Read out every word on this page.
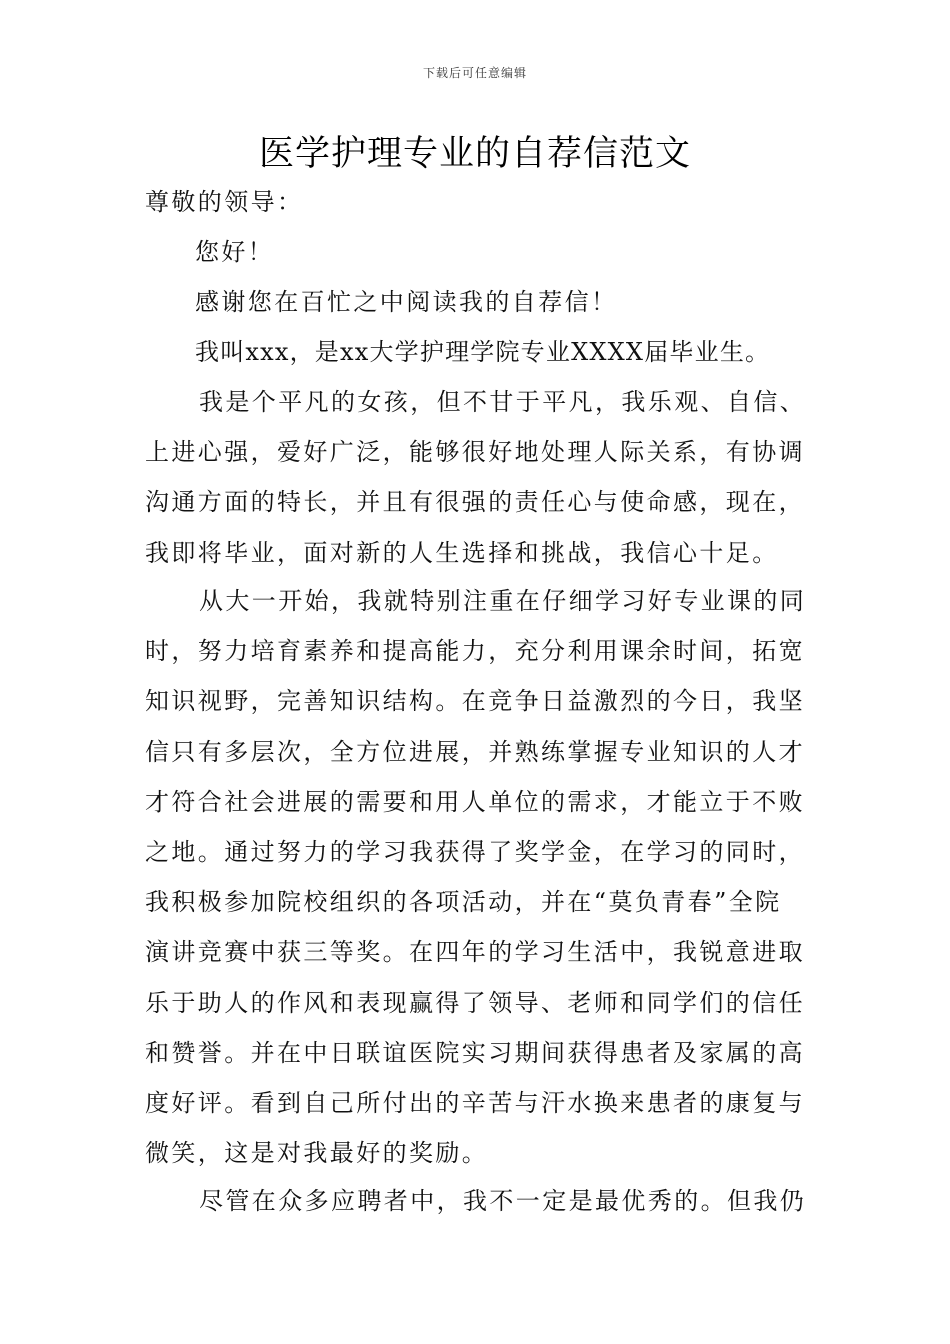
下载后可任意编辑
医学护理专业的自荐信范文
尊敬的领导：
您好！
感谢您在百忙之中阅读我的自荐信！
我叫xxx，是xx大学护理学院专业XXXX届毕业生。

我是个平凡的女孩，但不甘于平凡，我乐观、自信、

上进心强，爱好广泛，能够很好地处理人际关系，有协调

沟通方面的特长，并且有很强的责任心与使命感，现在，

我即将毕业，面对新的人生选择和挑战，我信心十足。

从大一开始，我就特别注重在仔细学习好专业课的同

时，努力培育素养和提高能力，充分利用课余时间，拓宽

知识视野，完善知识结构。在竞争日益激烈的今日，我坚

信只有多层次，全方位进展，并熟练掌握专业知识的人才

才符合社会进展的需要和用人单位的需求，才能立于不败

之地。通过努力的学习我获得了奖学金，在学习的同时，

我积极参加院校组织的各项活动，并在“莫负青春”全院

演讲竞赛中获三等奖。在四年的学习生活中，我锐意进取

乐于助人的作风和表现赢得了领导、老师和同学们的信任

和赞誉。并在中日联谊医院实习期间获得患者及家属的高

度好评。看到自己所付出的辛苦与汗水换来患者的康复与

微笑，这是对我最好的奖励。

尽管在众多应聘者中，我不一定是最优秀的。但我仍
